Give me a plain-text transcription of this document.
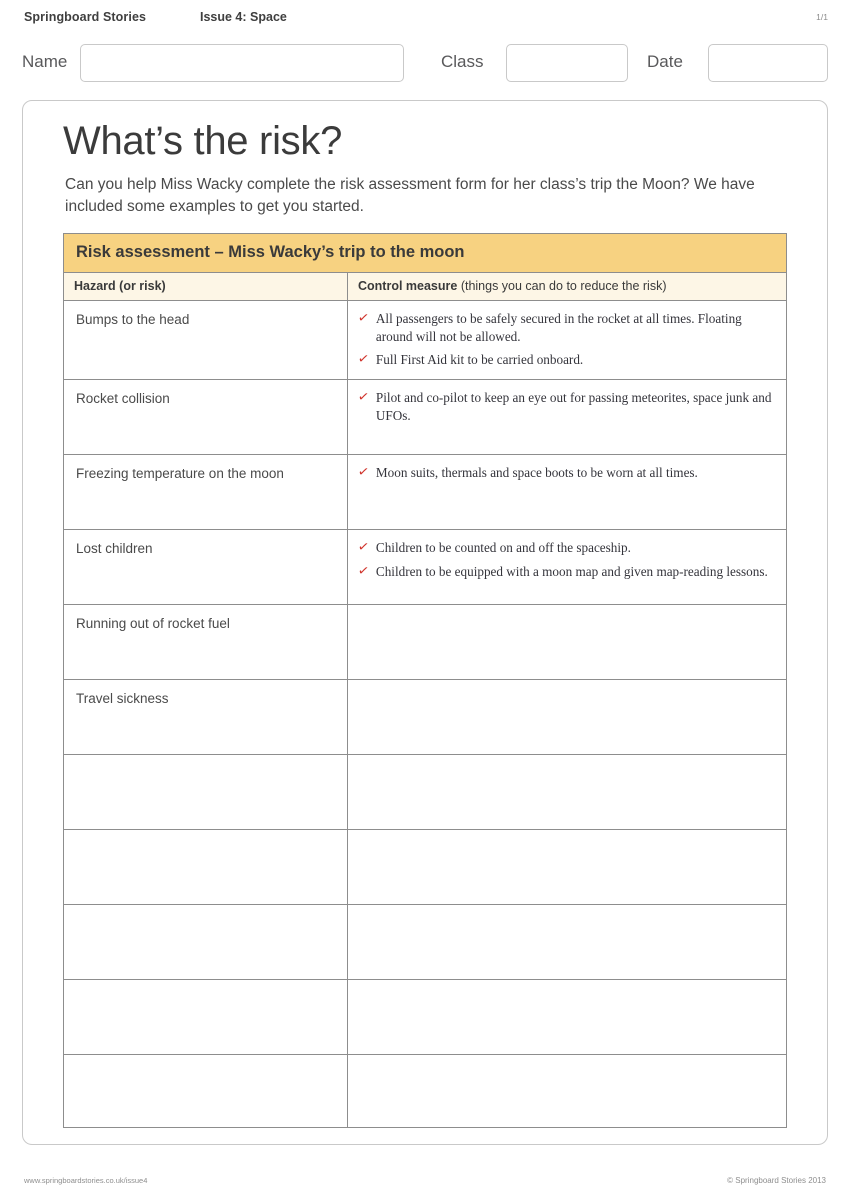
Springboard Stories	Issue 4: Space	1/1
Name	Class	Date
What’s the risk?
Can you help Miss Wacky complete the risk assessment form for her class’s trip the Moon? We have included some examples to get you started.
Risk assessment – Miss Wacky’s trip to the moon
Hazard (or risk)	Control measure (things you can do to reduce the risk)
Bumps to the head	✓ All passengers to be safely secured in the rocket at all times. Floating around will not be allowed.
✓ Full First Aid kit to be carried onboard.
Rocket collision	✓ Pilot and co-pilot to keep an eye out for passing meteorites, space junk and UFOs.
Freezing temperature on the moon	✓ Moon suits, thermals and space boots to be worn at all times.
Lost children	✓ Children to be counted on and off the spaceship.
✓ Children to be equipped with a moon map and given map-reading lessons.
Running out of rocket fuel
Travel sickness
www.springboardstories.co.uk/issue4	© Springboard Stories 2013
